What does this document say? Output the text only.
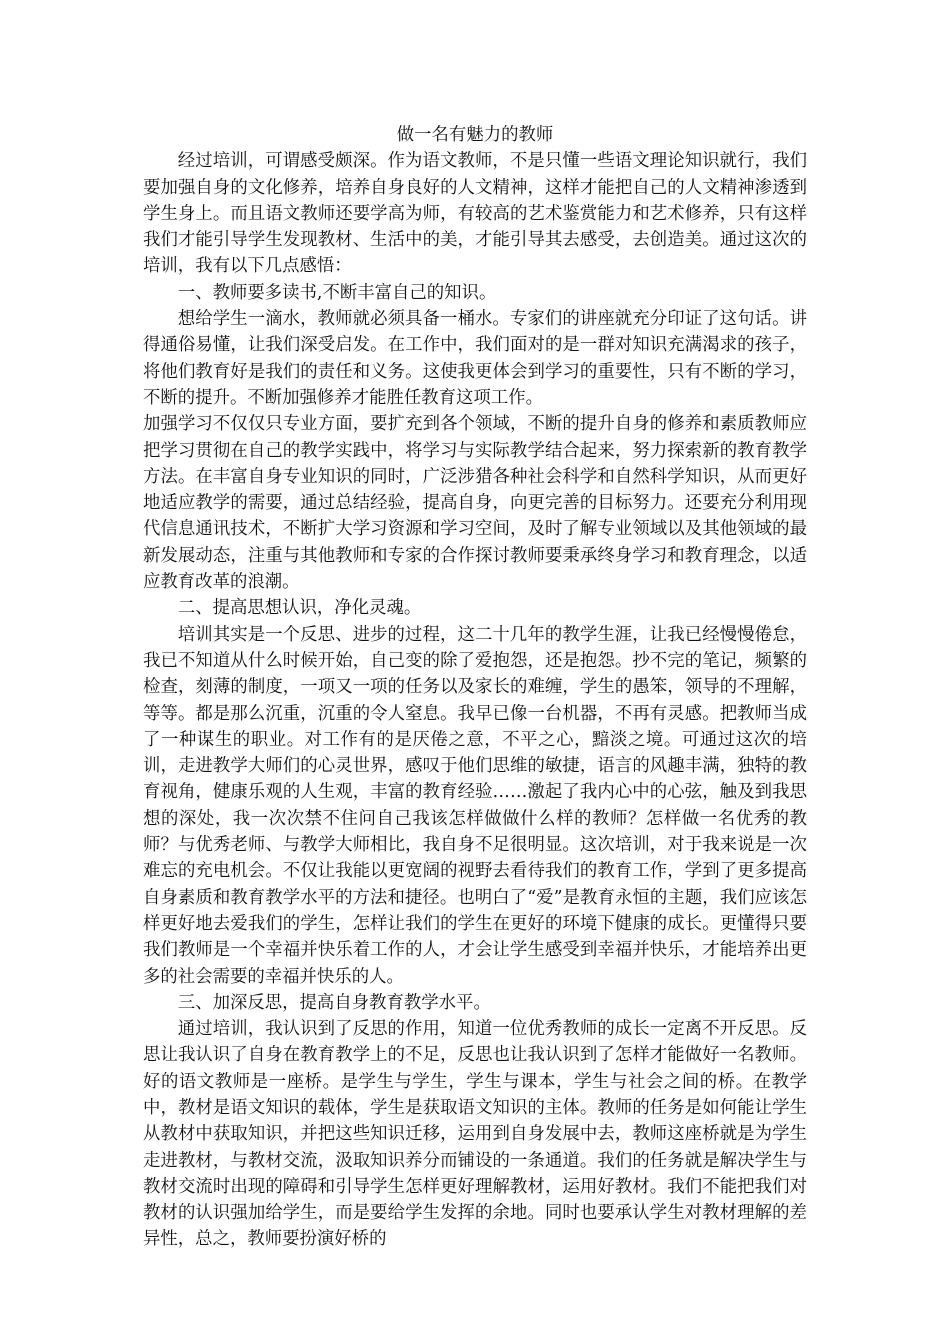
做一名有魅力的教师

经过培训，可谓感受颇深。作为语文教师，不是只懂一些语文理论知识就行，我们要加强自身的文化修养，培养自身良好的人文精神，这样才能把自己的人文精神渗透到学生身上。而且语文教师还要学高为师，有较高的艺术鉴赏能力和艺术修养，只有这样我们才能引导学生发现教材、生活中的美，才能引导其去感受，去创造美。通过这次的培训，我有以下几点感悟：

一、教师要多读书,不断丰富自己的知识。

想给学生一滴水，教师就必须具备一桶水。专家们的讲座就充分印证了这句话。讲得通俗易懂，让我们深受启发。在工作中，我们面对的是一群对知识充满渴求的孩子，将他们教育好是我们的责任和义务。这使我更体会到学习的重要性，只有不断的学习，不断的提升。不断加强修养才能胜任教育这项工作。

加强学习不仅仅只专业方面，要扩充到各个领域，不断的提升自身的修养和素质教师应把学习贯彻在自己的教学实践中，将学习与实际教学结合起来，努力探索新的教育教学方法。在丰富自身专业知识的同时，广泛涉猎各种社会科学和自然科学知识，从而更好地适应教学的需要，通过总结经验，提高自身，向更完善的目标努力。还要充分利用现代信息通讯技术，不断扩大学习资源和学习空间，及时了解专业领域以及其他领域的最新发展动态，注重与其他教师和专家的合作探讨教师要秉承终身学习和教育理念，以适应教育改革的浪潮。

二、提高思想认识，净化灵魂。

培训其实是一个反思、进步的过程，这二十几年的教学生涯，让我已经慢慢倦怠，我已不知道从什么时候开始，自己变的除了爱抱怨，还是抱怨。抄不完的笔记，频繁的检查，刻薄的制度，一项又一项的任务以及家长的难缠，学生的愚笨，领导的不理解，等等。都是那么沉重，沉重的令人窒息。我早已像一台机器，不再有灵感。把教师当成了一种谋生的职业。对工作有的是厌倦之意，不平之心，黯淡之境。可通过这次的培训，走进教学大师们的心灵世界，感叹于他们思维的敏捷，语言的风趣丰满，独特的教育视角，健康乐观的人生观，丰富的教育经验……激起了我内心中的心弦，触及到我思想的深处，我一次次禁不住问自己我该怎样做做什么样的教师？怎样做一名优秀的教师？与优秀老师、与教学大师相比，我自身不足很明显。这次培训，对于我来说是一次难忘的充电机会。不仅让我能以更宽阔的视野去看待我们的教育工作，学到了更多提高自身素质和教育教学水平的方法和捷径。也明白了“爱”是教育永恒的主题，我们应该怎样更好地去爱我们的学生，怎样让我们的学生在更好的环境下健康的成长。更懂得只要我们教师是一个幸福并快乐着工作的人，才会让学生感受到幸福并快乐，才能培养出更多的社会需要的幸福并快乐的人。

三、加深反思，提高自身教育教学水平。

通过培训，我认识到了反思的作用，知道一位优秀教师的成长一定离不开反思。反思让我认识了自身在教育教学上的不足，反思也让我认识到了怎样才能做好一名教师。好的语文教师是一座桥。是学生与学生，学生与课本，学生与社会之间的桥。在教学中，教材是语文知识的载体，学生是获取语文知识的主体。教师的任务是如何能让学生从教材中获取知识，并把这些知识迁移，运用到自身发展中去，教师这座桥就是为学生走进教材，与教材交流，汲取知识养分而铺设的一条通道。我们的任务就是解决学生与教材交流时出现的障碍和引导学生怎样更好理解教材，运用好教材。我们不能把我们对教材的认识强加给学生，而是要给学生发挥的余地。同时也要承认学生对教材理解的差异性，总之，教师要扮演好桥的
